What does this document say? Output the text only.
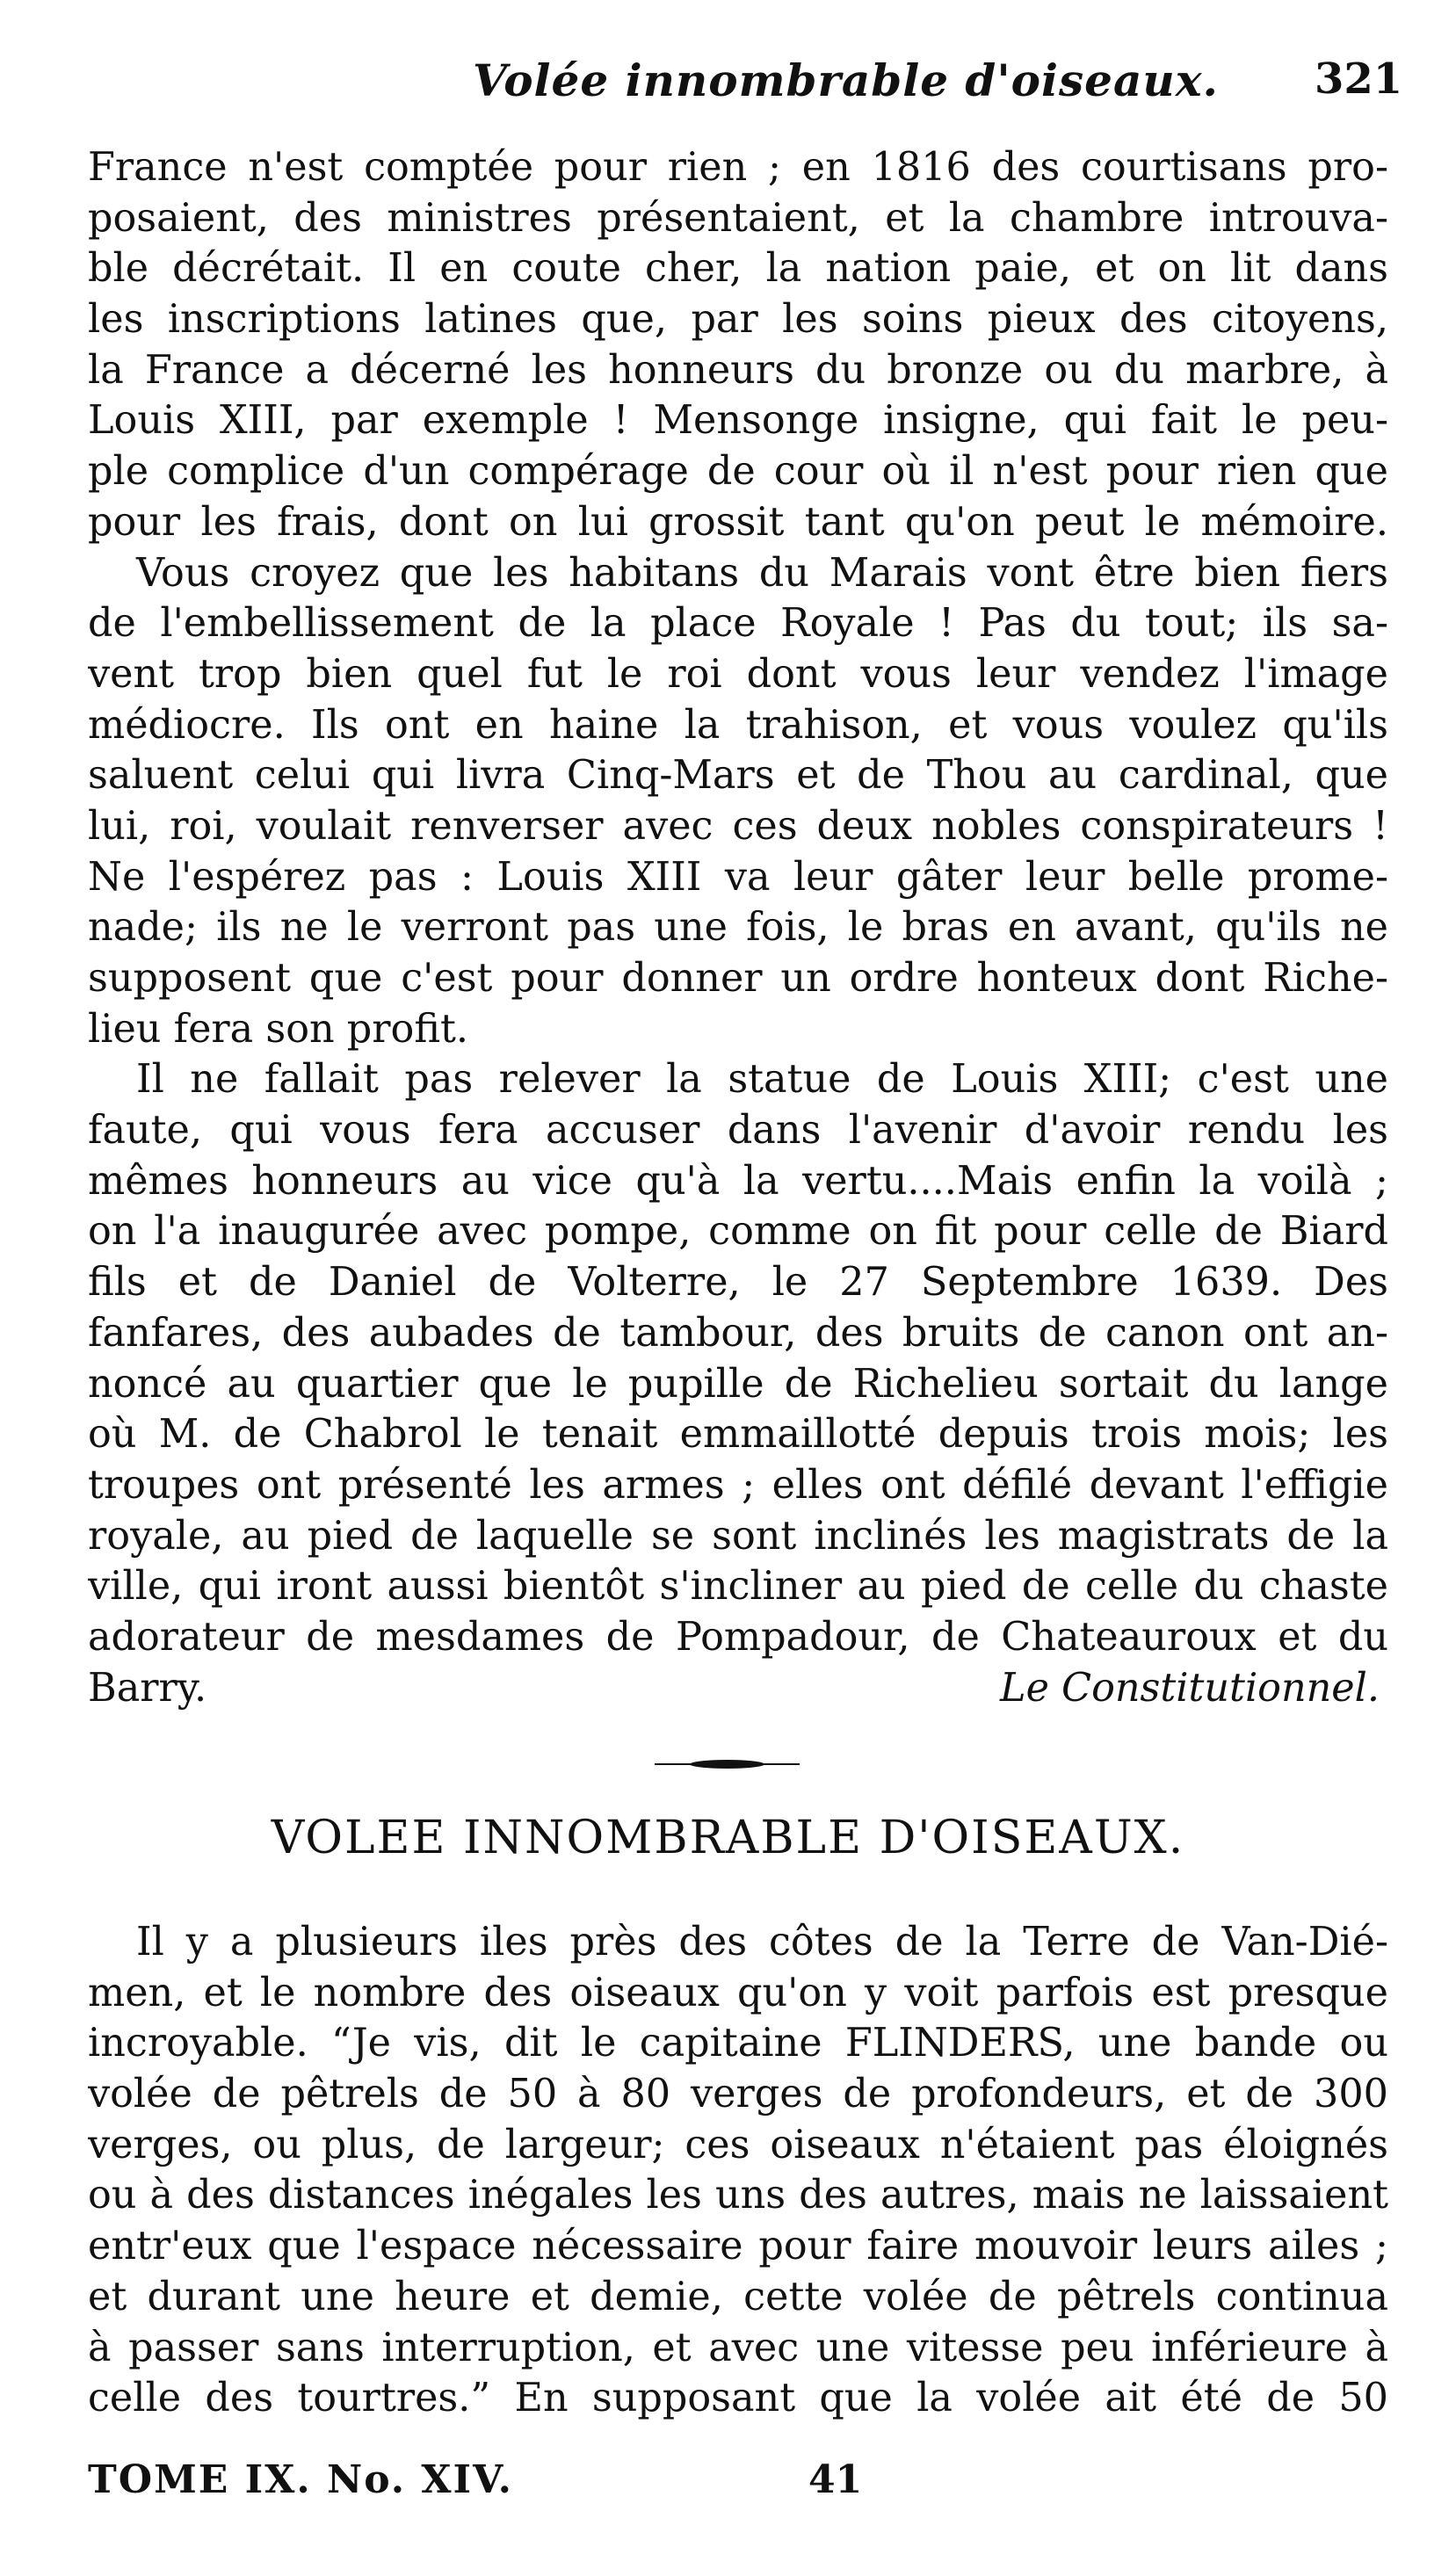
Volée innombrable d'oiseaux. 321
France n'est comptée pour rien ; en 1816 des courtisans pro-
posaient, des ministres présentaient, et la chambre introuva-
ble décrétait. Il en coute cher, la nation paie, et on lit dans
les inscriptions latines que, par les soins pieux des citoyens,
la France a décerné les honneurs du bronze ou du marbre, à
Louis XIII, par exemple ! Mensonge insigne, qui fait le peu-
ple complice d'un compérage de cour où il n'est pour rien que
pour les frais, dont on lui grossit tant qu'on peut le mémoire.
Vous croyez que les habitans du Marais vont être bien fiers
de l'embellissement de la place Royale ! Pas du tout; ils sa-
vent trop bien quel fut le roi dont vous leur vendez l'image
médiocre. Ils ont en haine la trahison, et vous voulez qu'ils
saluent celui qui livra Cinq-Mars et de Thou au cardinal, que
lui, roi, voulait renverser avec ces deux nobles conspirateurs !
Ne l'espérez pas : Louis XIII va leur gâter leur belle prome-
nade; ils ne le verront pas une fois, le bras en avant, qu'ils ne
supposent que c'est pour donner un ordre honteux dont Riche-
lieu fera son profit.
Il ne fallait pas relever la statue de Louis XIII; c'est une
faute, qui vous fera accuser dans l'avenir d'avoir rendu les
mêmes honneurs au vice qu'à la vertu....Mais enfin la voilà ;
on l'a inaugurée avec pompe, comme on fit pour celle de Biard
fils et de Daniel de Volterre, le 27 Septembre 1639. Des
fanfares, des aubades de tambour, des bruits de canon ont an-
noncé au quartier que le pupille de Richelieu sortait du lange
où M. de Chabrol le tenait emmaillotté depuis trois mois; les
troupes ont présenté les armes ; elles ont défilé devant l'effigie
royale, au pied de laquelle se sont inclinés les magistrats de la
ville, qui iront aussi bientôt s'incliner au pied de celle du chaste
adorateur de mesdames de Pompadour, de Chateauroux et du
Barry.	Le Constitutionnel.
VOLEE INNOMBRABLE D'OISEAUX.
Il y a plusieurs iles près des côtes de la Terre de Van-Dié-
men, et le nombre des oiseaux qu'on y voit parfois est presque
incroyable. “Je vis, dit le capitaine FLINDERS, une bande ou
volée de pêtrels de 50 à 80 verges de profondeurs, et de 300
verges, ou plus, de largeur; ces oiseaux n'étaient pas éloignés
ou à des distances inégales les uns des autres, mais ne laissaient
entr'eux que l'espace nécessaire pour faire mouvoir leurs ailes ;
et durant une heure et demie, cette volée de pêtrels continua
à passer sans interruption, et avec une vitesse peu inférieure à
celle des tourtres.” En supposant que la volée ait été de 50
TOME IX. No. XIV.	41
